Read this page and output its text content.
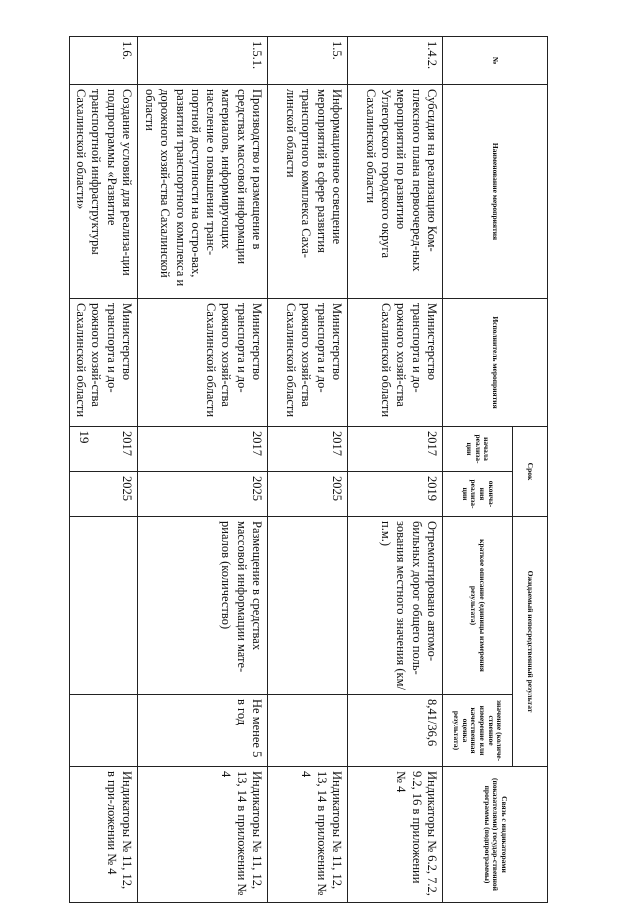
19
№	Наименование мероприятия	Исполнитель мероприятия	Срок		Ожидаемый непосредственный результат		Связь с индикаторами (показателями) государ-ственной программы (подпрограммы)
			начала реализа-ции	оконча-ния реализа-ции	краткое описание (единицы измерения результата)	значение (количе-ственное измерение или качественная оценка результата)	
1.4.2.	Субсидия на реализацию Ком-плексного плана первоочеред-ных мероприятий по развитию Углегорского городского округа Сахалинской области	Министерство транспорта и до-рожного хозяй-ства Сахалинской области	2017	2019	Отремонтировано автомо-бильных дорог общего поль-зования местного значения (км/п.м.)	8,41/36,6	Индикаторы № 6.2, 7.2, 9.2, 16 в приложении № 4
1.5.	Информационное освещение мероприятий в сфере развития транспортного комплекса Саха-линской области	Министерство транспорта и до-рожного хозяй-ства Сахалинской области	2017	2025			Индикаторы № 11, 12, 13, 14 в приложении № 4
1.5.1.	Производство и размещение в средствах массовой информации материалов, информирующих население о повышении транс-портной доступности на остро-вах, развитии транспортного комплекса и дорожного хозяй-ства Сахалинской области	Министерство транспорта и до-рожного хозяй-ства Сахалинской области	2017	2025	Размещение в средствах массовой информации мате-риалов (количество)	Не менее 5 в год	Индикаторы № 11, 12, 13, 14 в приложении № 4
1.6.	Создание условий для реализа-ции подпрограммы «Развитие транспортной инфраструктуры Сахалинской области»	Министерство транспорта и до-рожного хозяй-ства Сахалинской области	2017	2025			Индикаторы № 11, 12, в при-ложении № 4
